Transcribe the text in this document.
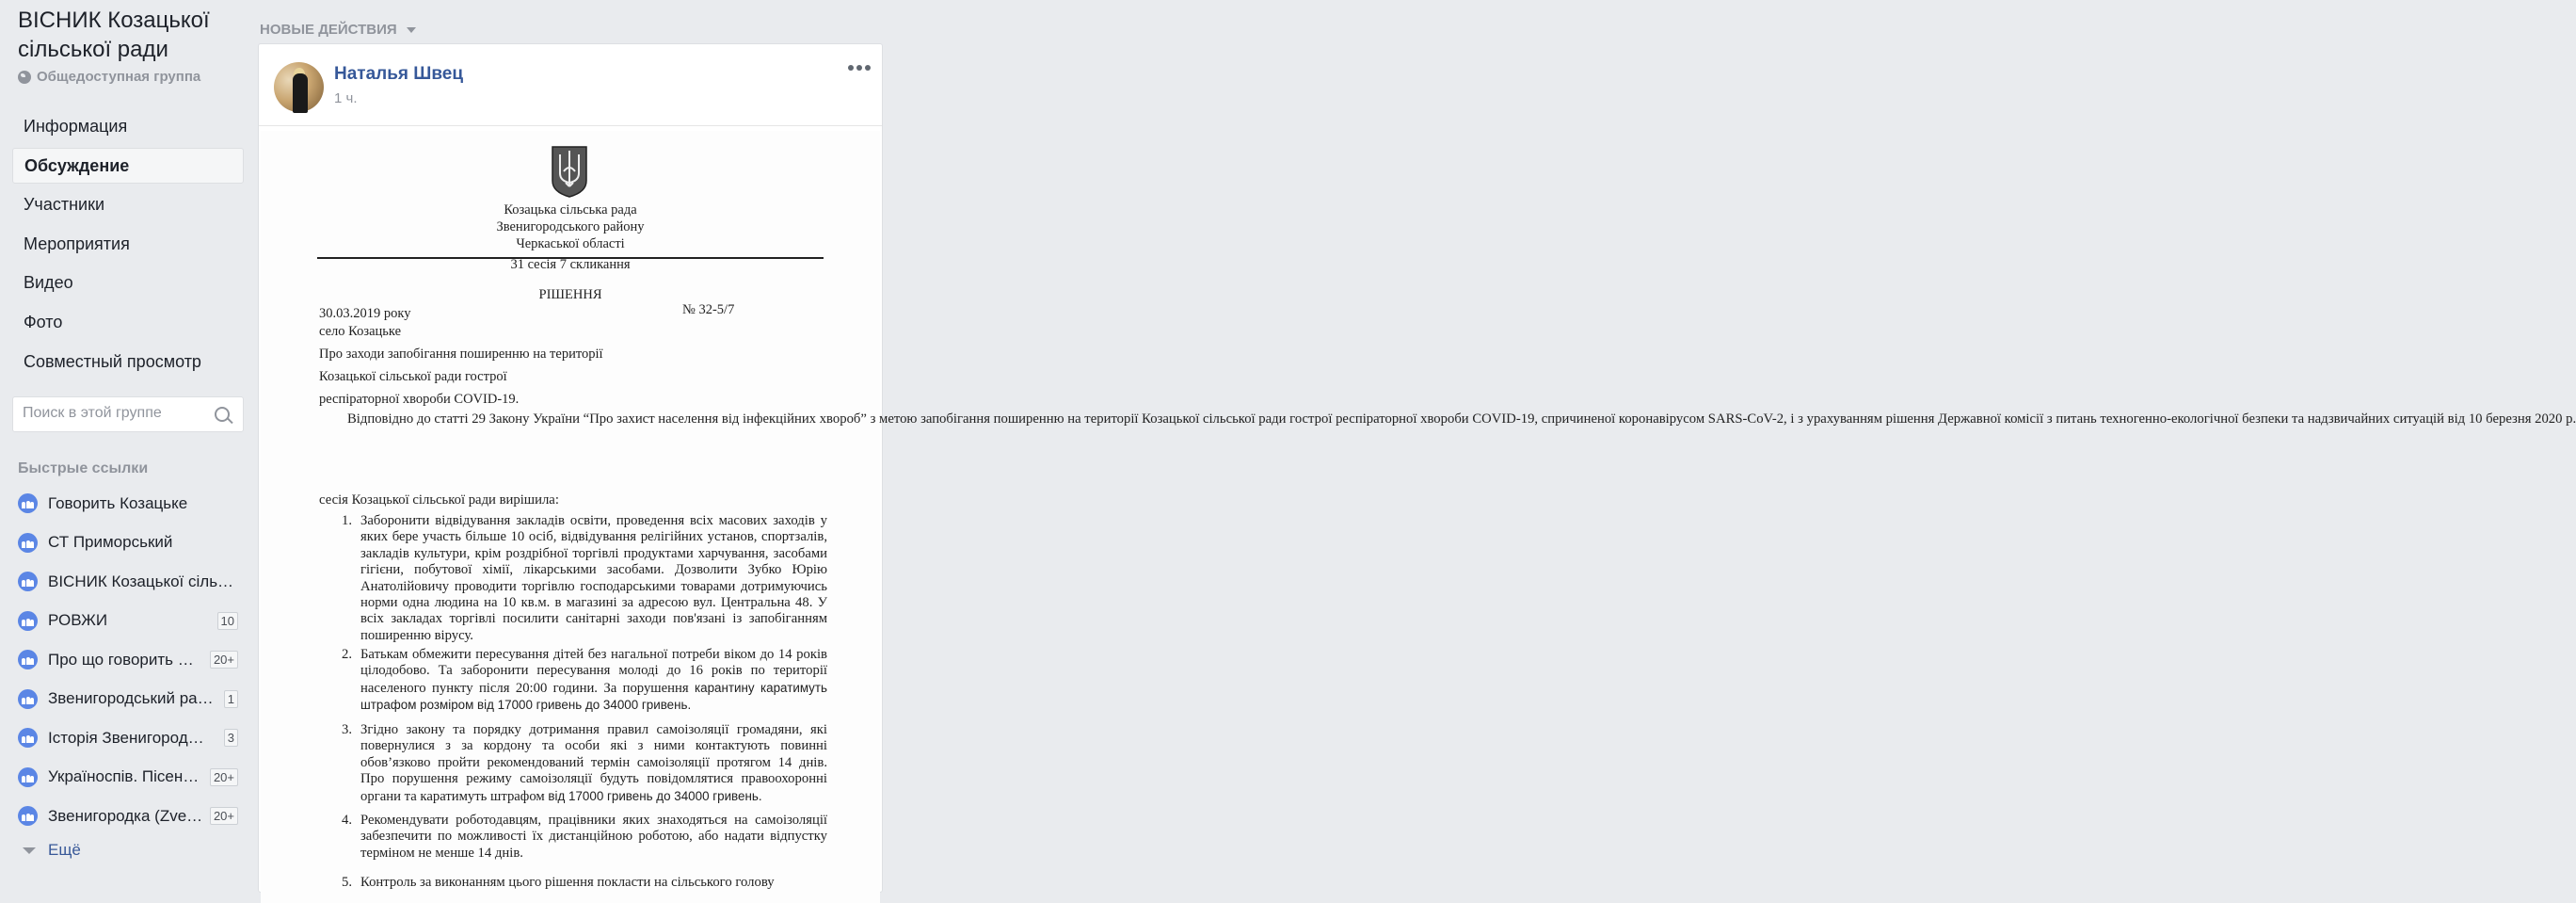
ВІСНИК Козацької сільської ради
Общедоступная группа
Информация
Обсуждение
Участники
Мероприятия
Видео
Фото
Совместный просмотр
Поиск в этой группе
Быстрые ссылки
Говорить Козацьке
СТ Приморський
ВІСНИК Козацької сіль…
РОВЖИ	10
Про що говорить …	20+
Звенигородський ра…	1
Історія Звенигород…	3
Україноспів. Пісен…	20+
Звенигородка (Zve… 20+
Ещё
НОВЫЕ ДЕЙСТВИЯ
Наталья Швец
1 ч.
Козацька сільська рада
Звенигородського району
Черкаської області
31 сесія 7 скликання
РІШЕННЯ
30.03.2019 року	№ 32-5/7
село Козацьке
Про заходи запобігання поширенню на території
Козацької сільської ради гострої
респіраторної хвороби COVID-19.
Відповідно до статті 29 Закону України “Про захист населення від інфекційних хвороб” з метою запобігання поширенню на території Козацької сільської ради гострої респіраторної хвороби COVID-19, спричиненої коронавірусом SARS-CoV-2, і з урахуванням рішення Державної комісії з питань техногенно-екологічної безпеки та надзвичайних ситуацій від 10 березня 2020 р.
сесія Козацької сільської ради вирішила:
1. Заборонити відвідування закладів освіти, проведення всіх масових заходів у яких бере участь більше 10 осіб, відвідування релігійних установ, спортзалів, закладів культури, крім роздрібної торгівлі продуктами харчування, засобами гігієни, побутової хімії, лікарськими засобами. Дозволити Зубко Юрію Анатолійовичу проводити торгівлю господарськими товарами дотримуючись норми одна людина на 10 кв.м. в магазині за адресою вул. Центральна 48. У всіх закладах торгівлі посилити санітарні заходи пов'язані із запобіганням поширенню вірусу.
2. Батькам обмежити пересування дітей без нагальної потреби віком до 14 років цілодобово. Та заборонити пересування молоді до 16 років по території населеного пункту після 20:00 години. За порушення карантину каратимуть штрафом розміром від 17000 гривень до 34000 гривень.
3. Згідно закону та порядку дотримання правил самоізоляції громадяни, які повернулися з за кордону та особи які з ними контактують повинні обов’язково пройти рекомендований термін самоізоляції протягом 14 днів. Про порушення режиму самоізоляції будуть повідомлятися правоохоронні органи та каратимуть штрафом від 17000 гривень до 34000 гривень.
4. Рекомендувати роботодавцям, працівники яких знаходяться на самоізоляції забезпечити по можливості їх дистанційною роботою, або надати відпустку терміном не менше 14 днів.
5. Контроль за виконанням цього рішення покласти на сільського голову
